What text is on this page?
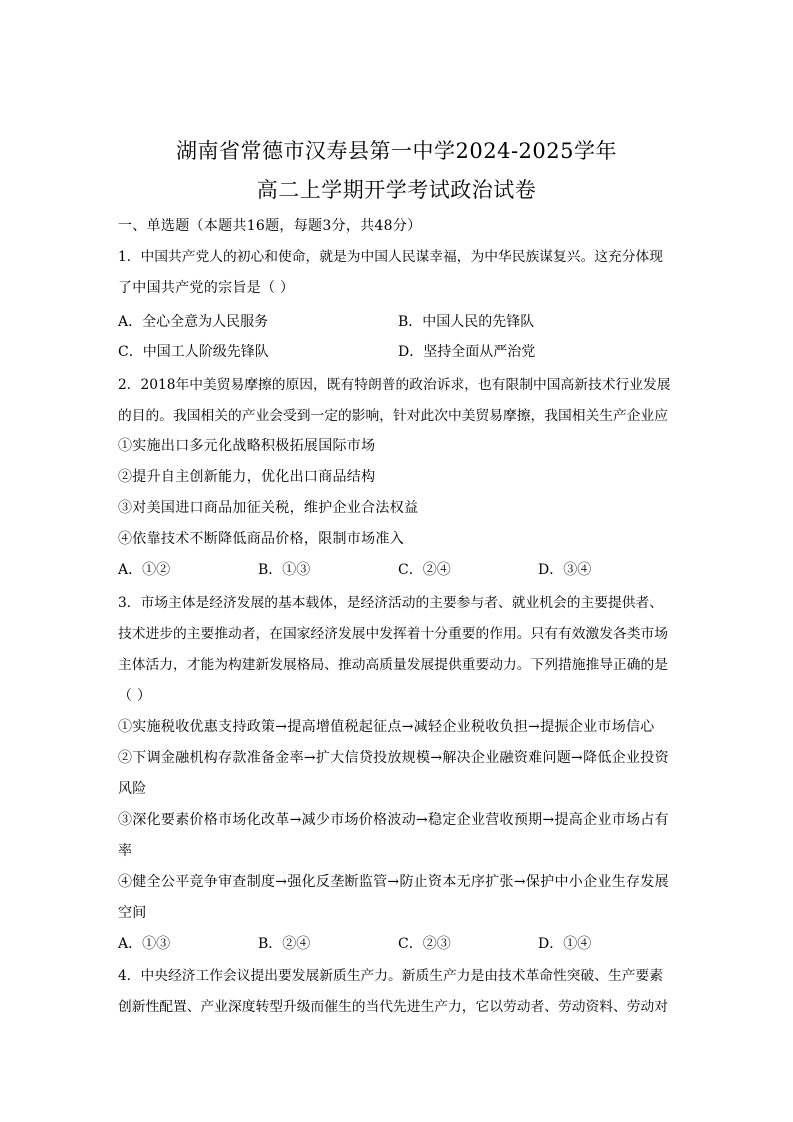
湖南省常德市汉寿县第一中学2024-2025学年
高二上学期开学考试政治试卷
一、单选题（本题共16题，每题3分，共48分）
1．中国共产党人的初心和使命，就是为中国人民谋幸福，为中华民族谋复兴。这充分体现
了中国共产党的宗旨是（ ）
A．全心全意为人民服务	B．中国人民的先锋队
C．中国工人阶级先锋队	D．坚持全面从严治党
2．2018年中美贸易摩擦的原因，既有特朗普的政治诉求，也有限制中国高新技术行业发展
的目的。我国相关的产业会受到一定的影响，针对此次中美贸易摩擦，我国相关生产企业应
①实施出口多元化战略积极拓展国际市场
②提升自主创新能力，优化出口商品结构
③对美国进口商品加征关税，维护企业合法权益
④依靠技术不断降低商品价格，限制市场准入
A．①②	B．①③	C．②④	D．③④
3．市场主体是经济发展的基本载体，是经济活动的主要参与者、就业机会的主要提供者、
技术进步的主要推动者，在国家经济发展中发挥着十分重要的作用。只有有效激发各类市场
主体活力，才能为构建新发展格局、推动高质量发展提供重要动力。下列措施推导正确的是
（ ）
①实施税收优惠支持政策→提高增值税起征点→减轻企业税收负担→提振企业市场信心
②下调金融机构存款准备金率→扩大信贷投放规模→解决企业融资难问题→降低企业投资
风险
③深化要素价格市场化改革→减少市场价格波动→稳定企业营收预期→提高企业市场占有
率
④健全公平竞争审查制度→强化反垄断监管→防止资本无序扩张→保护中小企业生存发展
空间
A．①③	B．②④	C．②③	D．①④
4．中央经济工作会议提出要发展新质生产力。新质生产力是由技术革命性突破、生产要素
创新性配置、产业深度转型升级而催生的当代先进生产力，它以劳动者、劳动资料、劳动对
